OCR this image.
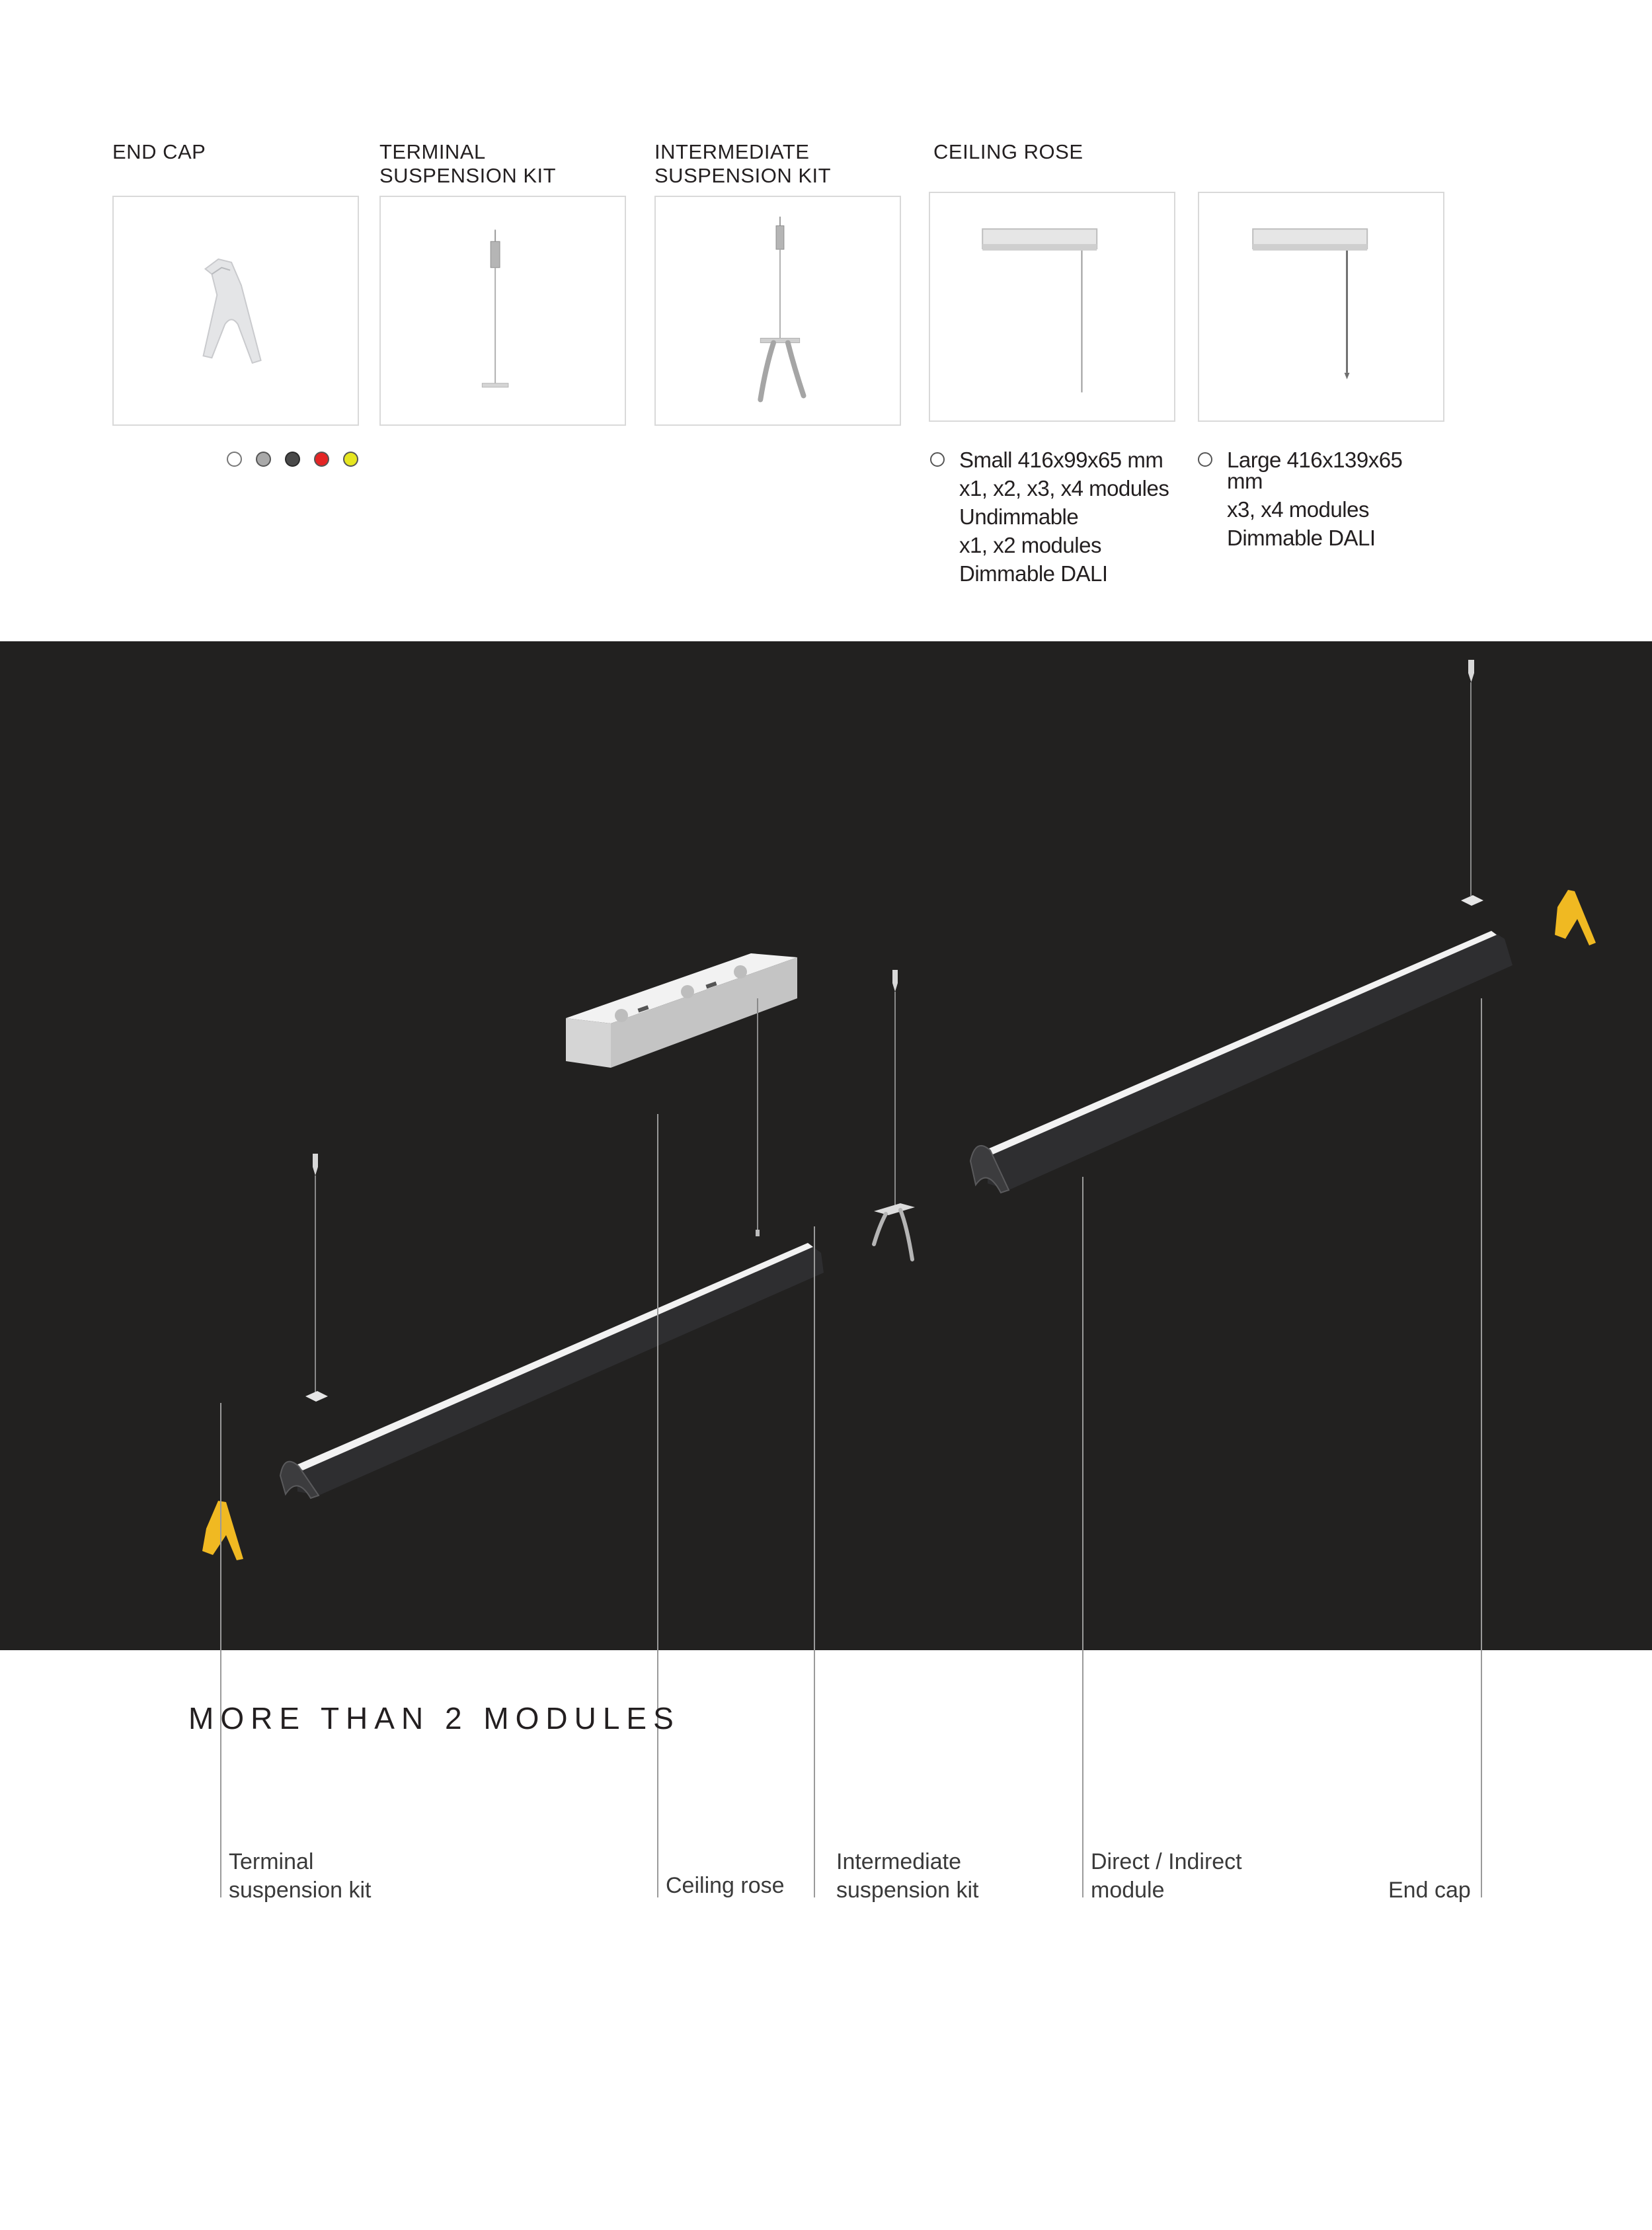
END CAP	TERMINAL
SUSPENSION KIT
INTERMEDIATE
SUSPENSION KIT
CEILING ROSE
Small 416x99x65 mm
x1, x2, x3, x4 modules
Undimmable
x1, x2 modules
Dimmable DALI
Large 416x139x65
mm
x3, x4 modules
Dimmable DALI
MORE THAN 2 MODULES
Terminal
suspension kit	Ceiling rose
Intermediate
suspension kit
Direct / Indirect
module	End cap
